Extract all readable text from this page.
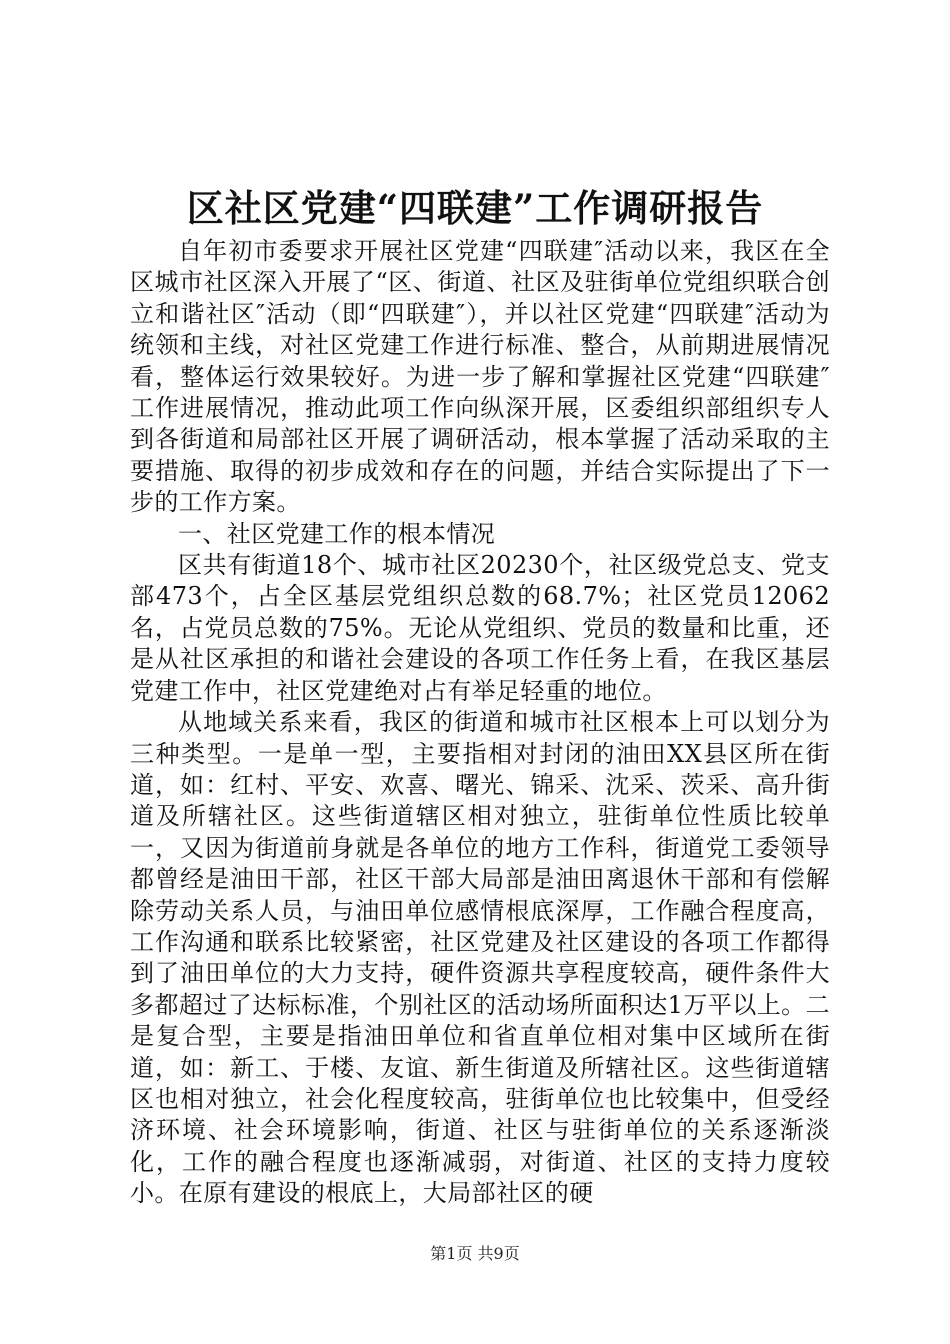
区社区党建“四联建”工作调研报告

自年初市委要求开展社区党建“四联建″活动以来，我区在全区城市社区深入开展了“区、街道、社区及驻街单位党组织联合创立和谐社区″活动（即“四联建″），并以社区党建“四联建″活动为统领和主线，对社区党建工作进行标准、整合，从前期进展情况看，整体运行效果较好。为进一步了解和掌握社区党建“四联建″工作进展情况，推动此项工作向纵深开展，区委组织部组织专人到各街道和局部社区开展了调研活动，根本掌握了活动采取的主要措施、取得的初步成效和存在的问题，并结合实际提出了下一步的工作方案。

一、社区党建工作的根本情况

区共有街道18个、城市社区20230个，社区级党总支、党支部473个，占全区基层党组织总数的68.7%；社区党员12062名，占党员总数的75%。无论从党组织、党员的数量和比重，还是从社区承担的和谐社会建设的各项工作任务上看，在我区基层党建工作中，社区党建绝对占有举足轻重的地位。

从地域关系来看，我区的街道和城市社区根本上可以划分为三种类型。一是单一型，主要指相对封闭的油田XX县区所在街道，如：红村、平安、欢喜、曙光、锦采、沈采、茨采、高升街道及所辖社区。这些街道辖区相对独立，驻街单位性质比较单一，又因为街道前身就是各单位的地方工作科，街道党工委领导都曾经是油田干部，社区干部大局部是油田离退休干部和有偿解除劳动关系人员，与油田单位感情根底深厚，工作融合程度高，工作沟通和联系比较紧密，社区党建及社区建设的各项工作都得到了油田单位的大力支持，硬件资源共享程度较高，硬件条件大多都超过了达标标准，个别社区的活动场所面积达1万平以上。二是复合型，主要是指油田单位和省直单位相对集中区域所在街道，如：新工、于楼、友谊、新生街道及所辖社区。这些街道辖区也相对独立，社会化程度较高，驻街单位也比较集中，但受经济环境、社会环境影响，街道、社区与驻街单位的关系逐渐淡化，工作的融合程度也逐渐减弱，对街道、社区的支持力度较小。在原有建设的根底上，大局部社区的硬

第1页 共9页
